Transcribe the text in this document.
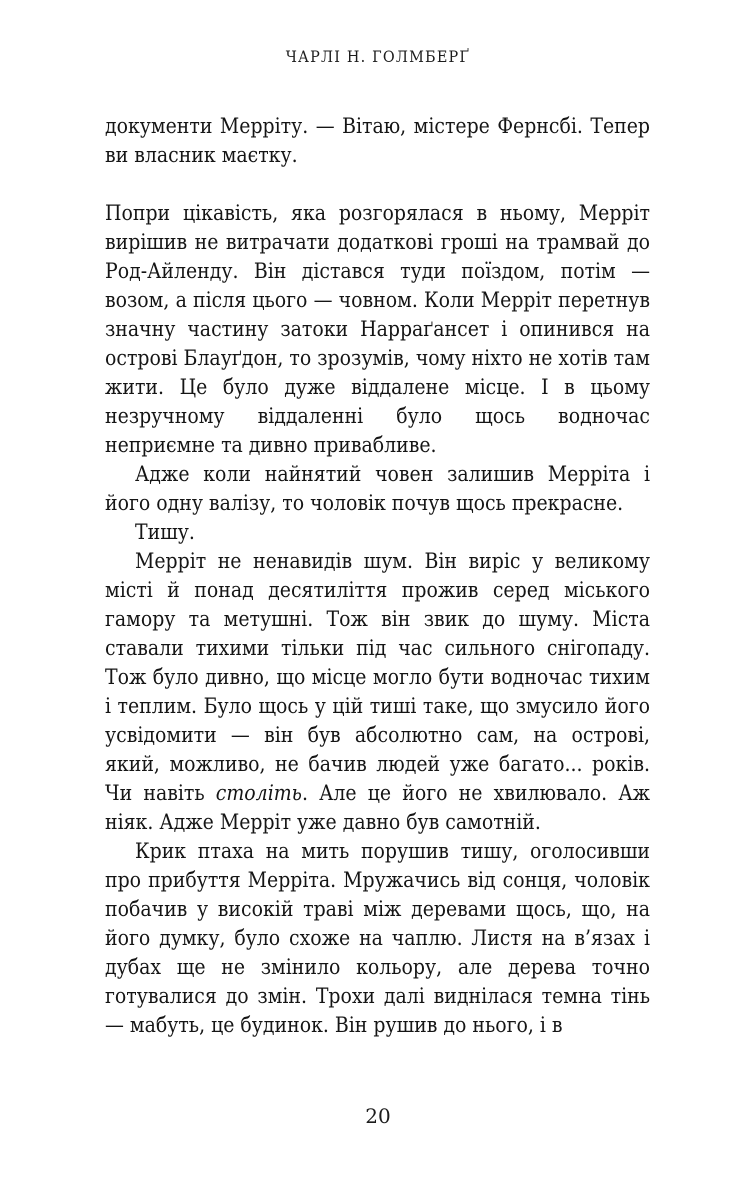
ЧАРЛІ Н. ГОЛМБЕРҐ

документи Мерріту. — Вітаю, містере Фернсбі. Тепер ви власник маєтку.

Попри цікавість, яка розгорялася в ньому, Мерріт вирішив не витрачати додаткові гроші на трамвай до Род-Айленду. Він дістався туди поїздом, потім — возом, а після цього — човном. Коли Мерріт перетнув значну частину затоки Нарраґансет і опинився на острові Блауґдон, то зрозумів, чому ніхто не хотів там жити. Це було дуже віддалене місце. І в цьому незручному віддаленні було щось водночас неприємне та дивно привабливе.

Адже коли найнятий човен залишив Мерріта і його одну валізу, то чоловік почув щось прекрасне.

Тишу.

Мерріт не ненавидів шум. Він виріс у великому місті й понад десятиліття прожив серед міського гамору та метушні. Тож він звик до шуму. Міста ставали тихими тільки під час сильного снігопаду. Тож було дивно, що місце могло бути водночас тихим і теплим. Було щось у цій тиші таке, що змусило його усвідомити — він був абсолютно сам, на острові, який, можливо, не бачив людей уже багато... років. Чи навіть століть. Але це його не хвилювало. Аж ніяк. Адже Мерріт уже давно був самотній.

Крик птаха на мить порушив тишу, оголосивши про прибуття Мерріта. Мружачись від сонця, чоловік побачив у високій траві між деревами щось, що, на його думку, було схоже на чаплю. Листя на в’язах і дубах ще не змінило кольору, але дерева точно готувалися до змін. Трохи далі виднілася темна тінь — мабуть, це будинок. Він рушив до нього, і в

20
